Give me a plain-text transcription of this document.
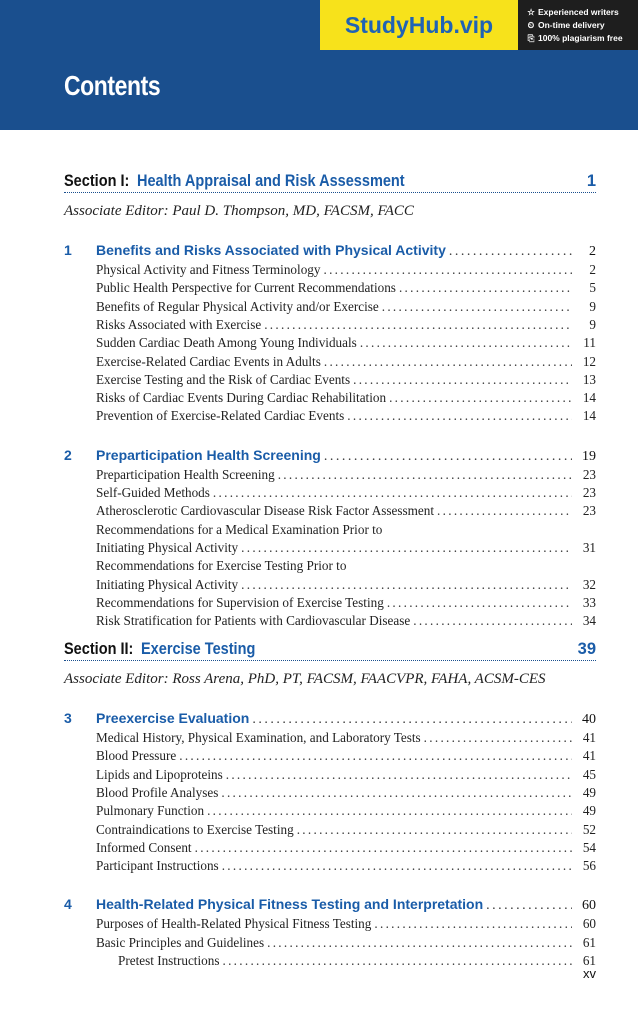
Contents
StudyHub.vip	☆ Experienced writers
⏲ On-time delivery
⎘ 100% plagiarism free
Section I: Health Appraisal and Risk Assessment	1
Associate Editor: Paul D. Thompson, MD, FACSM, FACC
1	Benefits and Risks Associated with Physical Activity . . .	2
Physical Activity and Fitness Terminology . . .	2
Public Health Perspective for Current Recommendations . . .	5
Benefits of Regular Physical Activity and/or Exercise . . .	9
Risks Associated with Exercise . . .	9
Sudden Cardiac Death Among Young Individuals . . .	11
Exercise-Related Cardiac Events in Adults . . .	12
Exercise Testing and the Risk of Cardiac Events . . .	13
Risks of Cardiac Events During Cardiac Rehabilitation . . .	14
Prevention of Exercise-Related Cardiac Events . . .	14
2	Preparticipation Health Screening . . .	19
Preparticipation Health Screening . . .	23
Self-Guided Methods . . .	23
Atherosclerotic Cardiovascular Disease Risk Factor Assessment . . .	23
Recommendations for a Medical Examination Prior to
Initiating Physical Activity . . .	31
Recommendations for Exercise Testing Prior to
Initiating Physical Activity . . .	32
Recommendations for Supervision of Exercise Testing . . .	33
Risk Stratification for Patients with Cardiovascular Disease . . .	34
Section II: Exercise Testing	39
Associate Editor: Ross Arena, PhD, PT, FACSM, FAACVPR, FAHA, ACSM-CES
3	Preexercise Evaluation . . .	40
Medical History, Physical Examination, and Laboratory Tests . . .	41
Blood Pressure . . .	41
Lipids and Lipoproteins . . .	45
Blood Profile Analyses . . .	49
Pulmonary Function . . .	49
Contraindications to Exercise Testing . . .	52
Informed Consent . . .	54
Participant Instructions . . .	56
4	Health-Related Physical Fitness Testing and Interpretation . . .	60
Purposes of Health-Related Physical Fitness Testing . . .	60
Basic Principles and Guidelines . . .	61
Pretest Instructions . . .	61
xv
